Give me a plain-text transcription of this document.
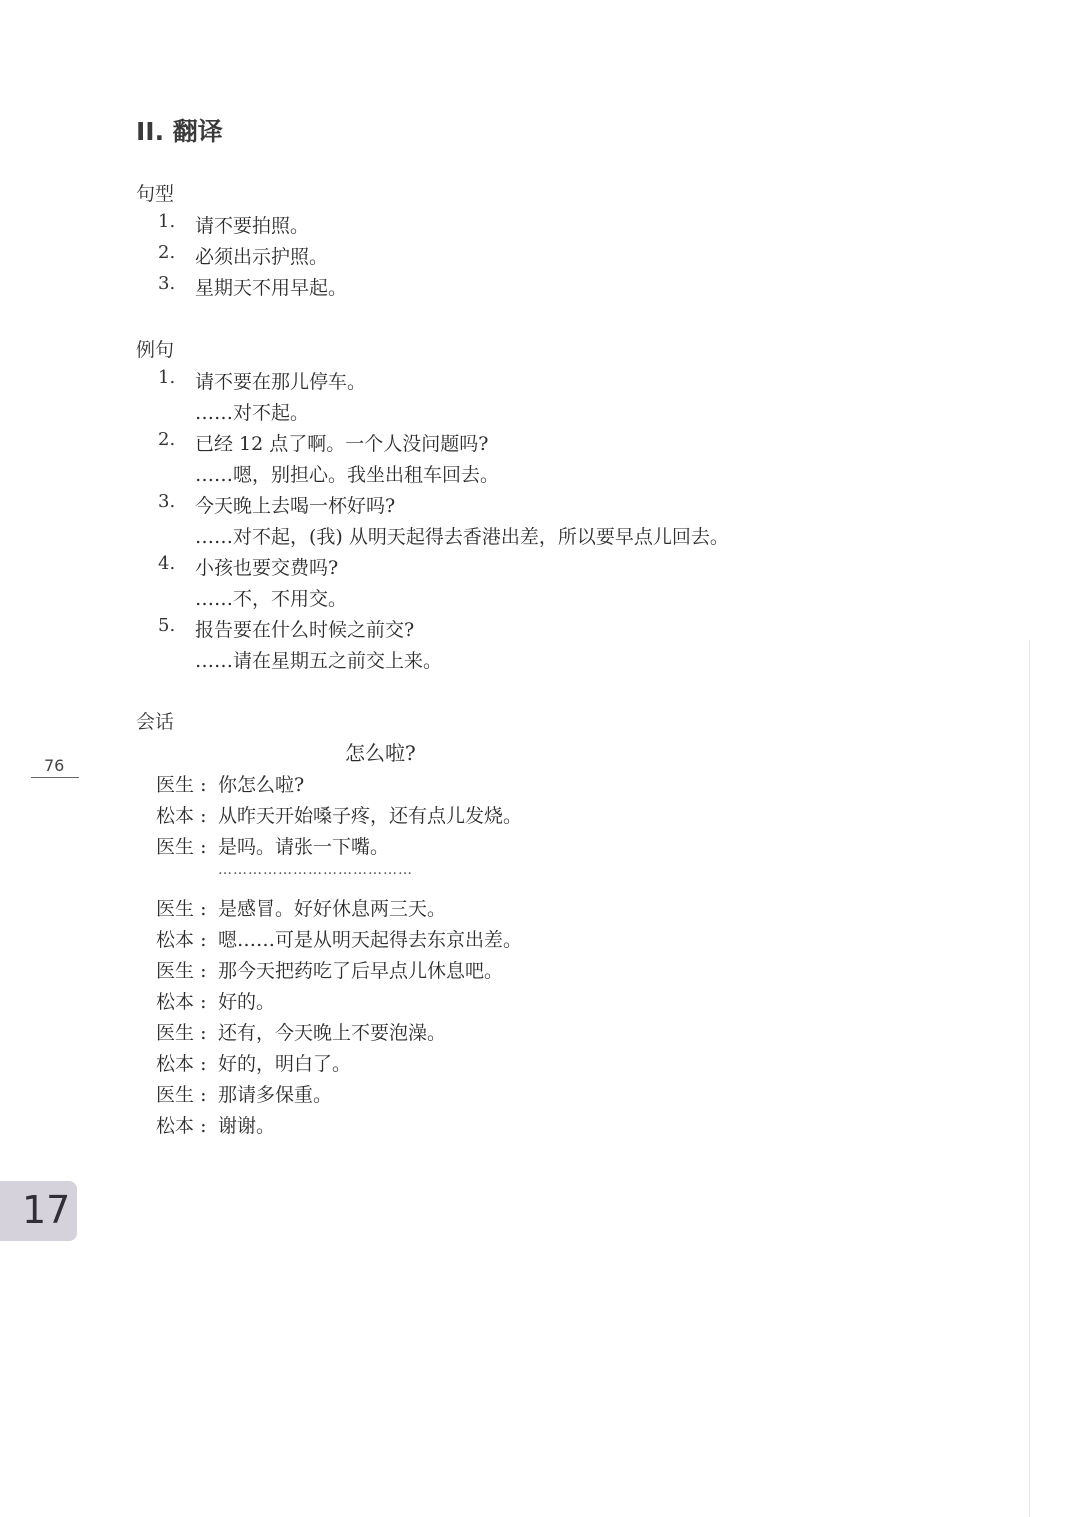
II. 翻译
句型
1. 请不要拍照。
2. 必须出示护照。
3. 星期天不用早起。
例句
1. 请不要在那儿停车。
……对不起。
2. 已经 12 点了啊。一个人没问题吗?
……嗯，别担心。我坐出租车回去。
3. 今天晚上去喝一杯好吗?
……对不起，(我) 从明天起得去香港出差，所以要早点儿回去。
4. 小孩也要交费吗?
……不，不用交。
5. 报告要在什么时候之前交?
……请在星期五之前交上来。
会话
怎么啦?
医生 : 你怎么啦?
松本 : 从昨天开始嗓子疼，还有点儿发烧。
医生 : 是吗。请张一下嘴。
…………………………………
医生 : 是感冒。好好休息两三天。
松本 : 嗯……可是从明天起得去东京出差。
医生 : 那今天把药吃了后早点儿休息吧。
松本 : 好的。
医生 : 还有，今天晚上不要泡澡。
松本 : 好的，明白了。
医生 : 那请多保重。
松本 : 谢谢。
76
17
